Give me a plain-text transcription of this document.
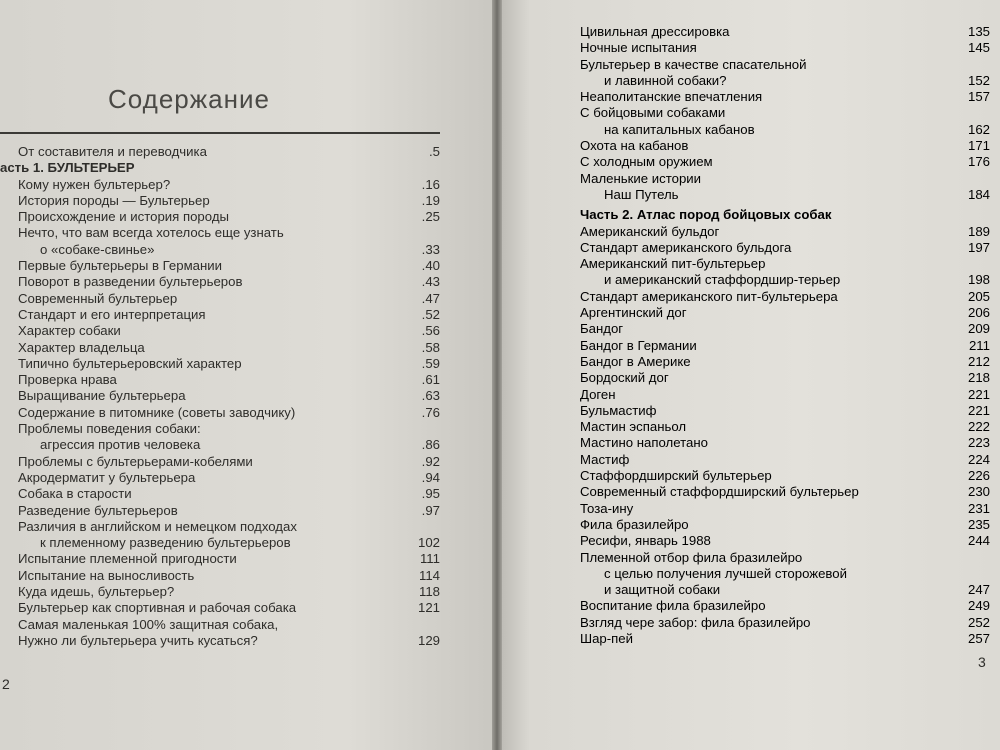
Содержание
От составителя и переводчика	.5
асть 1. БУЛЬТЕРЬЕР
Кому нужен бультерьер?	.16
История породы — Бультерьер	.19
Происхождение и история породы	.25
Нечто, что вам всегда хотелось еще узнать
о «собаке-свинье»	.33
Первые бультерьеры в Германии	.40
Поворот в разведении бультерьеров	.43
Современный бультерьер	.47
Стандарт и его интерпретация	.52
Характер собаки	.56
Характер владельца	.58
Типично бультерьеровский характер	.59
Проверка нрава	.61
Выращивание бультерьера	.63
Содержание в питомнике (советы заводчику)	.76
Проблемы поведения собаки:
агрессия против человека	.86
Проблемы с бультерьерами-кобелями	.92
Акродерматит у бультерьера	.94
Собака в старости	.95
Разведение бультерьеров	.97
Различия в английском и немецком подходах
к племенному разведению бультерьеров	102
Испытание племенной пригодности	111
Испытание на выносливость	114
Куда идешь, бультерьер?	118
Бультерьер как спортивная и рабочая собака	121
Самая маленькая 100% защитная собака,
Нужно ли бультерьера учить кусаться?	129
2
3
Цивильная дрессировка	135
Ночные испытания	145
Бультерьер в качестве спасательной
и лавинной собаки?	152
Неаполитанские впечатления	157
С бойцовыми собаками
на капитальных кабанов	162
Охота на кабанов	171
С холодным оружием	176
Маленькие истории
Наш Путель	184
Часть 2. Атлас пород бойцовых собак
Американский бульдог	189
Стандарт американского бульдога	197
Американский пит-бультерьер
и американский стаффордшир-терьер	198
Стандарт американского пит-бультерьера	205
Аргентинский дог	206
Бандог	209
Бандог в Германии	211
Бандог в Америке	212
Бордоский дог	218
Доген	221
Бульмастиф	221
Мастин эспаньол	222
Мастино наполетано	223
Мастиф	224
Стаффордширский бультерьер	226
Современный стаффордширский бультерьер	230
Тоза-ину	231
Фила бразилейро	235
Ресифи, январь 1988	244
Племенной отбор фила бразилейро
с целью получения лучшей сторожевой
и защитной собаки	247
Воспитание фила бразилейро	249
Взгляд чере забор: фила бразилейро	252
Шар-пей	257
